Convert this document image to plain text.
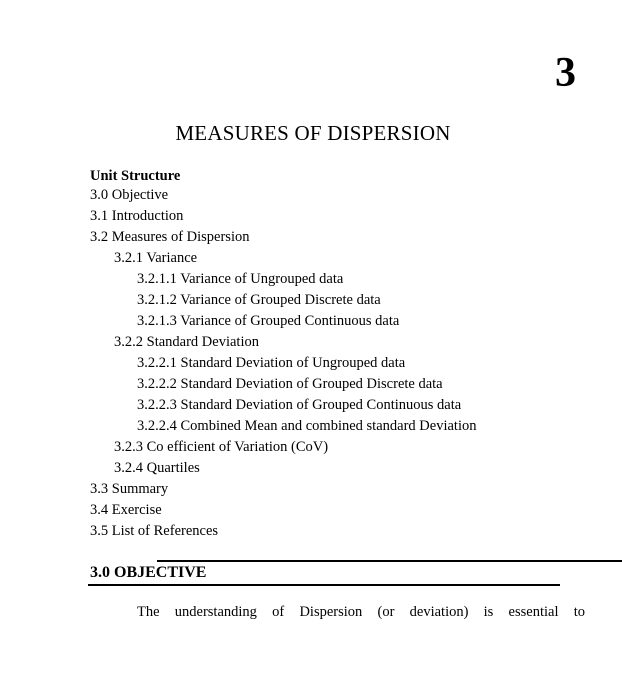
3
MEASURES OF DISPERSION
Unit Structure
3.0 Objective
3.1 Introduction
3.2 Measures of Dispersion
3.2.1 Variance
3.2.1.1 Variance of Ungrouped data
3.2.1.2 Variance of Grouped Discrete data
3.2.1.3 Variance of Grouped Continuous data
3.2.2 Standard Deviation
3.2.2.1 Standard Deviation of Ungrouped data
3.2.2.2 Standard Deviation of Grouped Discrete data
3.2.2.3 Standard Deviation of Grouped Continuous data
3.2.2.4 Combined Mean and combined standard Deviation
3.2.3 Co efficient of Variation (CoV)
3.2.4 Quartiles
3.3 Summary
3.4 Exercise
3.5 List of References
3.0 OBJECTIVE
The understanding of Dispersion (or deviation) is essential to
